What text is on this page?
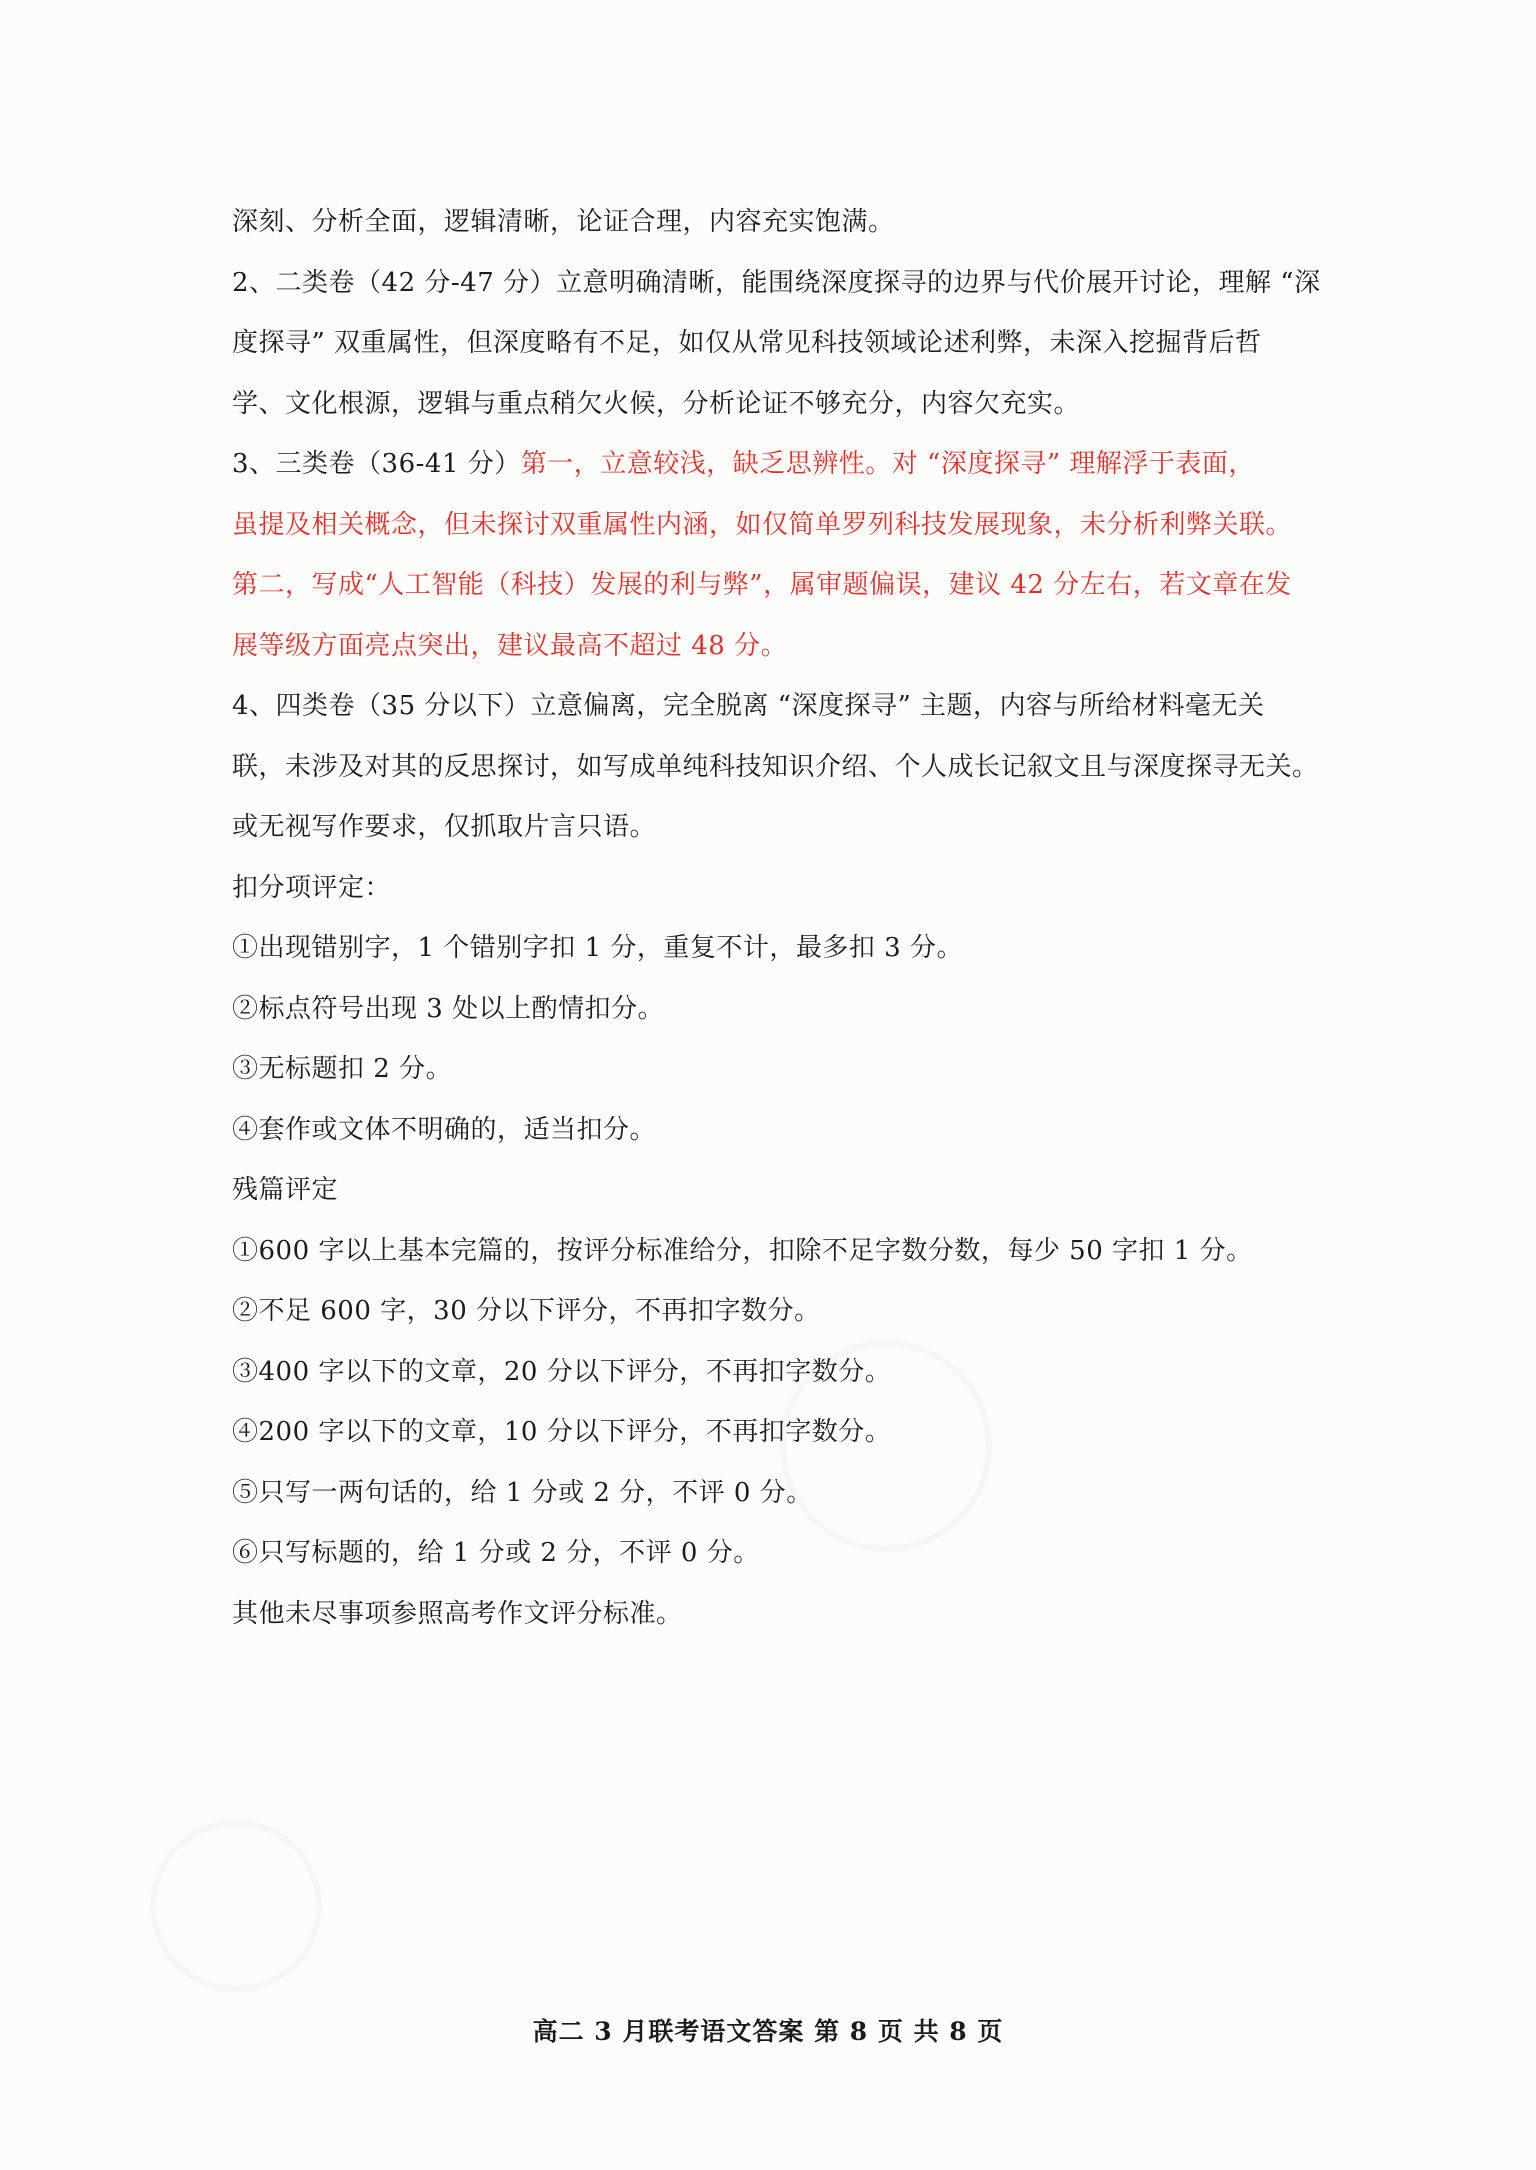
深刻、分析全面，逻辑清晰，论证合理，内容充实饱满。
2、二类卷（42 分-47 分）立意明确清晰，能围绕深度探寻的边界与代价展开讨论，理解 “深
度探寻” 双重属性，但深度略有不足，如仅从常见科技领域论述利弊，未深入挖掘背后哲
学、文化根源，逻辑与重点稍欠火候，分析论证不够充分，内容欠充实。
3、三类卷（36-41 分）第一，立意较浅，缺乏思辨性。对 “深度探寻” 理解浮于表面，
虽提及相关概念，但未探讨双重属性内涵，如仅简单罗列科技发展现象，未分析利弊关联。
第二，写成“人工智能（科技）发展的利与弊”，属审题偏误，建议 42 分左右，若文章在发
展等级方面亮点突出，建议最高不超过 48 分。
4、四类卷（35 分以下）立意偏离，完全脱离 “深度探寻” 主题，内容与所给材料毫无关
联，未涉及对其的反思探讨，如写成单纯科技知识介绍、个人成长记叙文且与深度探寻无关。
或无视写作要求，仅抓取片言只语。
扣分项评定：
①出现错别字，1 个错别字扣 1 分，重复不计，最多扣 3 分。
②标点符号出现 3 处以上酌情扣分。
③无标题扣 2 分。
④套作或文体不明确的，适当扣分。
残篇评定
①600 字以上基本完篇的，按评分标准给分，扣除不足字数分数，每少 50 字扣 1 分。
②不足 600 字，30 分以下评分，不再扣字数分。
③400 字以下的文章，20 分以下评分，不再扣字数分。
④200 字以下的文章，10 分以下评分，不再扣字数分。
⑤只写一两句话的，给 1 分或 2 分，不评 0 分。
⑥只写标题的，给 1 分或 2 分，不评 0 分。
其他未尽事项参照高考作文评分标准。
高二 3 月联考语文答案 第 8 页 共 8 页
